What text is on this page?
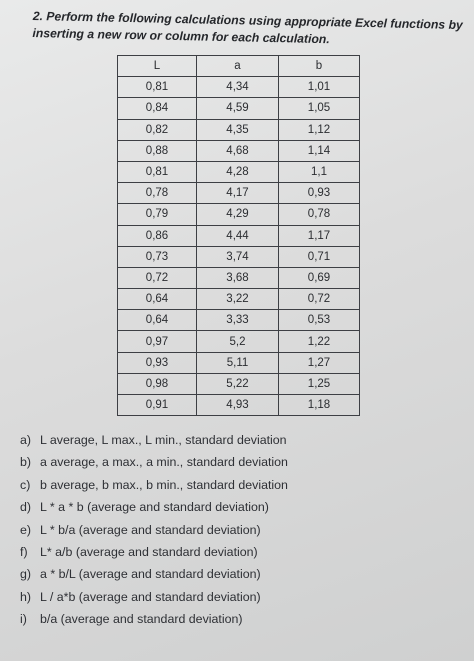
2. Perform the following calculations using appropriate Excel functions by
inserting a new row or column for each calculation.
L	a	b
0,81	4,34	1,01
0,84	4,59	1,05
0,82	4,35	1,12
0,88	4,68	1,14
0,81	4,28	1,1
0,78	4,17	0,93
0,79	4,29	0,78
0,86	4,44	1,17
0,73	3,74	0,71
0,72	3,68	0,69
0,64	3,22	0,72
0,64	3,33	0,53
0,97	5,2	1,22
0,93	5,11	1,27
0,98	5,22	1,25
0,91	4,93	1,18
a) L average, L max., L min., standard deviation
b) a average, a max., a min., standard deviation
c) b average, b max., b min., standard deviation
d) L * a * b (average and standard deviation)
e) L * b/a (average and standard deviation)
f) L* a/b (average and standard deviation)
g) a * b/L (average and standard deviation)
h) L / a*b (average and standard deviation)
i) b/a (average and standard deviation)
